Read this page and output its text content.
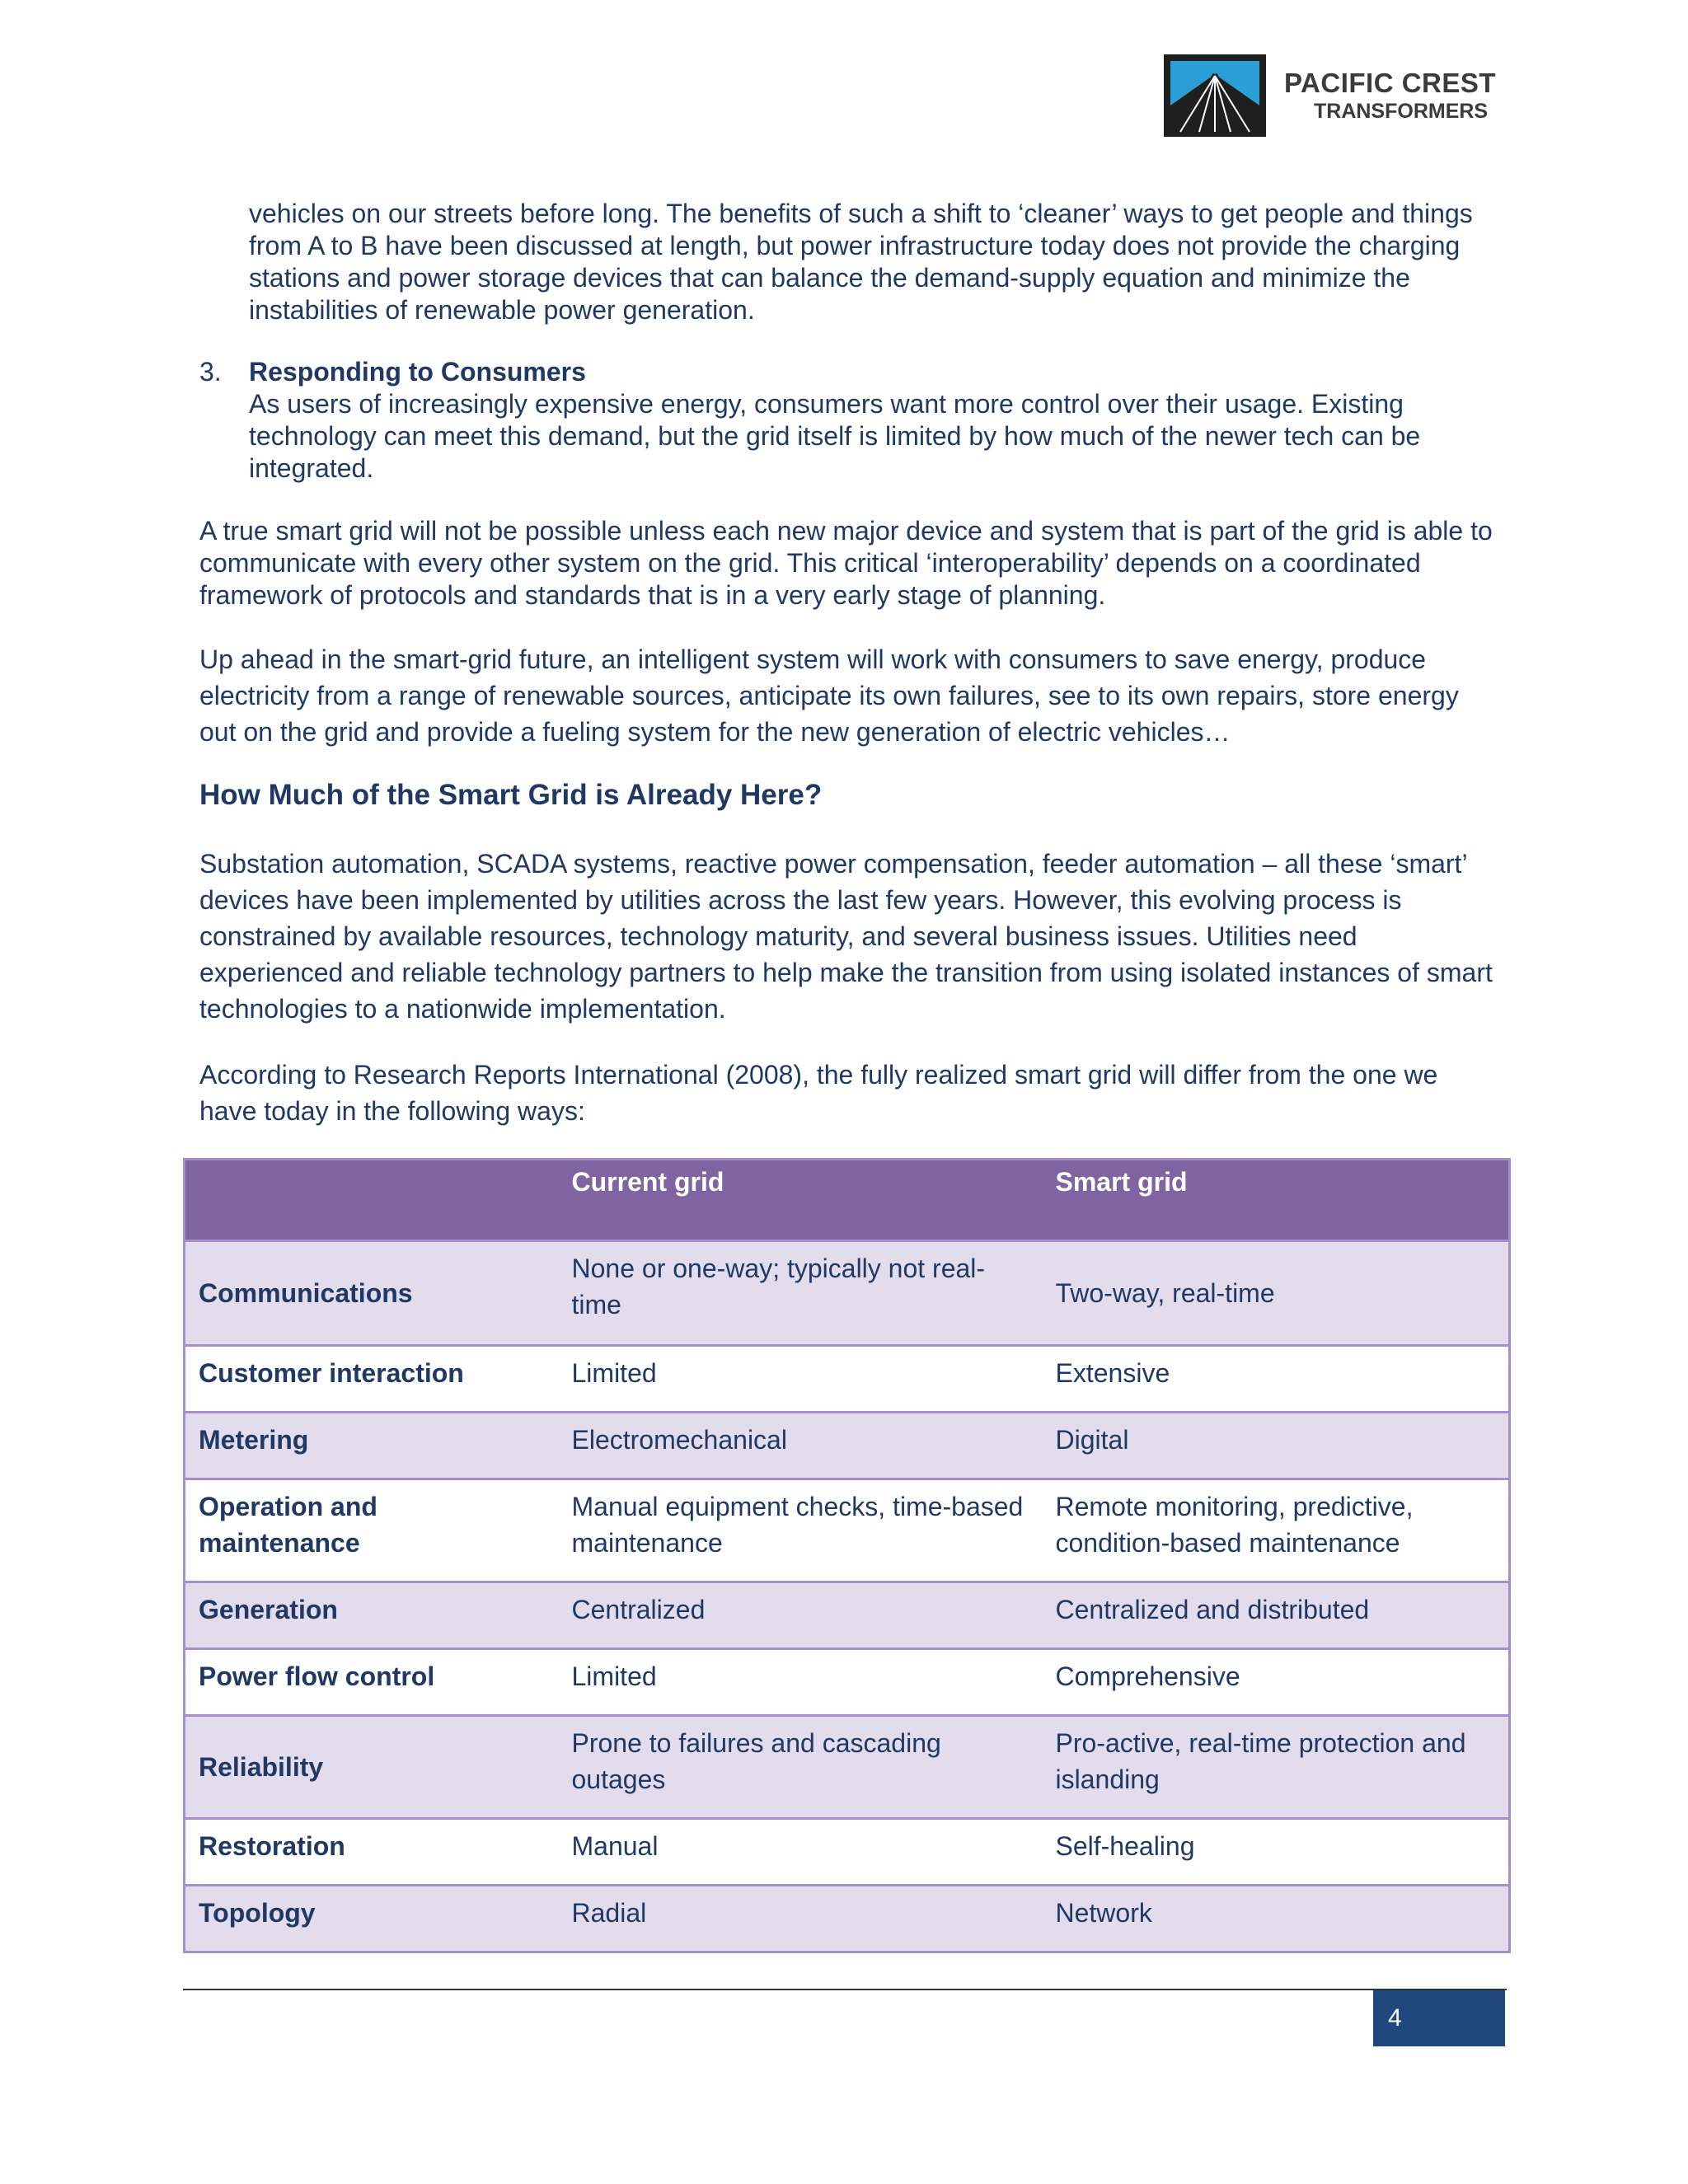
PACIFIC CREST
TRANSFORMERS

vehicles on our streets before long. The benefits of such a shift to ‘cleaner’ ways to get people and things from A to B have been discussed at length, but power infrastructure today does not provide the charging stations and power storage devices that can balance the demand-supply equation and minimize the instabilities of renewable power generation.

3. Responding to Consumers

As users of increasingly expensive energy, consumers want more control over their usage. Existing technology can meet this demand, but the grid itself is limited by how much of the newer tech can be integrated.

A true smart grid will not be possible unless each new major device and system that is part of the grid is able to communicate with every other system on the grid. This critical ‘interoperability’ depends on a coordinated framework of protocols and standards that is in a very early stage of planning.

Up ahead in the smart-grid future, an intelligent system will work with consumers to save energy, produce electricity from a range of renewable sources, anticipate its own failures, see to its own repairs, store energy out on the grid and provide a fueling system for the new generation of electric vehicles…

How Much of the Smart Grid is Already Here?

Substation automation, SCADA systems, reactive power compensation, feeder automation – all these ‘smart’ devices have been implemented by utilities across the last few years. However, this evolving process is constrained by available resources, technology maturity, and several business issues. Utilities need experienced and reliable technology partners to help make the transition from using isolated instances of smart technologies to a nationwide implementation.

According to Research Reports International (2008), the fully realized smart grid will differ from the one we have today in the following ways:

	Current grid	Smart grid
Communications	None or one-way; typically not real-time	Two-way, real-time
Customer interaction	Limited	Extensive
Metering	Electromechanical	Digital
Operation and maintenance	Manual equipment checks, time-based maintenance	Remote monitoring, predictive, condition-based maintenance
Generation	Centralized	Centralized and distributed
Power flow control	Limited	Comprehensive
Reliability	Prone to failures and cascading outages	Pro-active, real-time protection and islanding
Restoration	Manual	Self-healing
Topology	Radial	Network
4
